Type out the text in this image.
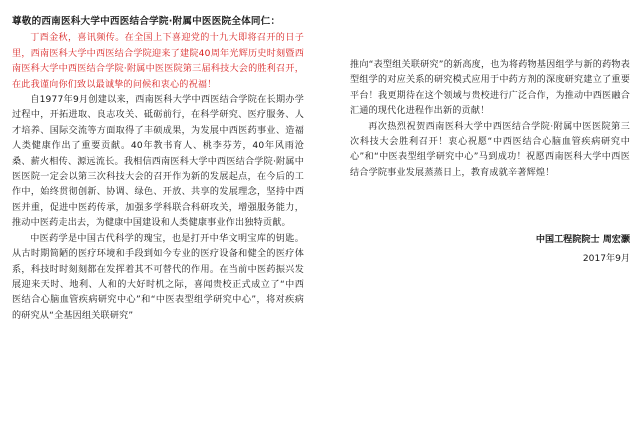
尊敬的西南医科大学中西医结合学院·附属中医医院全体同仁：

丁酉金秋，喜讯频传。在全国上下喜迎党的十九大即将召开的日子里，西南医科大学中西医结合学院迎来了建院40周年光辉历史时刻暨西南医科大学中西医结合学院·附属中医医院第三届科技大会的胜利召开，在此我谨向你们致以最诚挚的问候和衷心的祝福！

自1977年9月创建以来，西南医科大学中西医结合学院在长期办学过程中，开拓进取、良志攻关、砥砺前行，在科学研究、医疗服务、人才培养、国际交流等方面取得了丰硕成果，为发展中西医药事业、造福人类健康作出了重要贡献。40年教书育人、桃李芬芳，40年风雨沧桑、薪火相传、源远流长。我相信西南医科大学中西医结合学院·附属中医医院一定会以第三次科技大会的召开作为新的发展起点，在今后的工作中，始终贯彻创新、协调、绿色、开放、共享的发展理念，坚持中西医并重，促进中医药传承，加强多学科联合科研攻关，增强服务能力，推动中医药走出去，为健康中国建设和人类健康事业作出独特贡献。

中医药学是中国古代科学的瑰宝，也是打开中华文明宝库的钥匙。从古时期简陋的医疗环境和手段到如今专业的医疗设备和健全的医疗体系，科技时时刻刻都在发挥着其不可替代的作用。在当前中医药振兴发展迎来天时、地利、人和的大好时机之际，喜闻贵校正式成立了“中西医结合心脑血管疾病研究中心”和“中医表型组学研究中心”，将对疾病的研究从“全基因组关联研究”

推向“表型组关联研究”的新高度，也为将药物基因组学与新的药物表型组学的对应关系的研究模式应用于中药方剂的深度研究建立了重要平台！我更期待在这个领域与贵校进行广泛合作，为推动中西医融合汇通的现代化进程作出新的贡献！

再次热烈祝贺西南医科大学中西医结合学院·附属中医医院第三次科技大会胜利召开！衷心祝愿“中西医结合心脑血管疾病研究中心”和“中医表型组学研究中心”马到成功！祝愿西南医科大学中西医结合学院事业发展蒸蒸日上，教育成就辛著辉煌！

中国工程院院士 周宏灏
2017年9月
